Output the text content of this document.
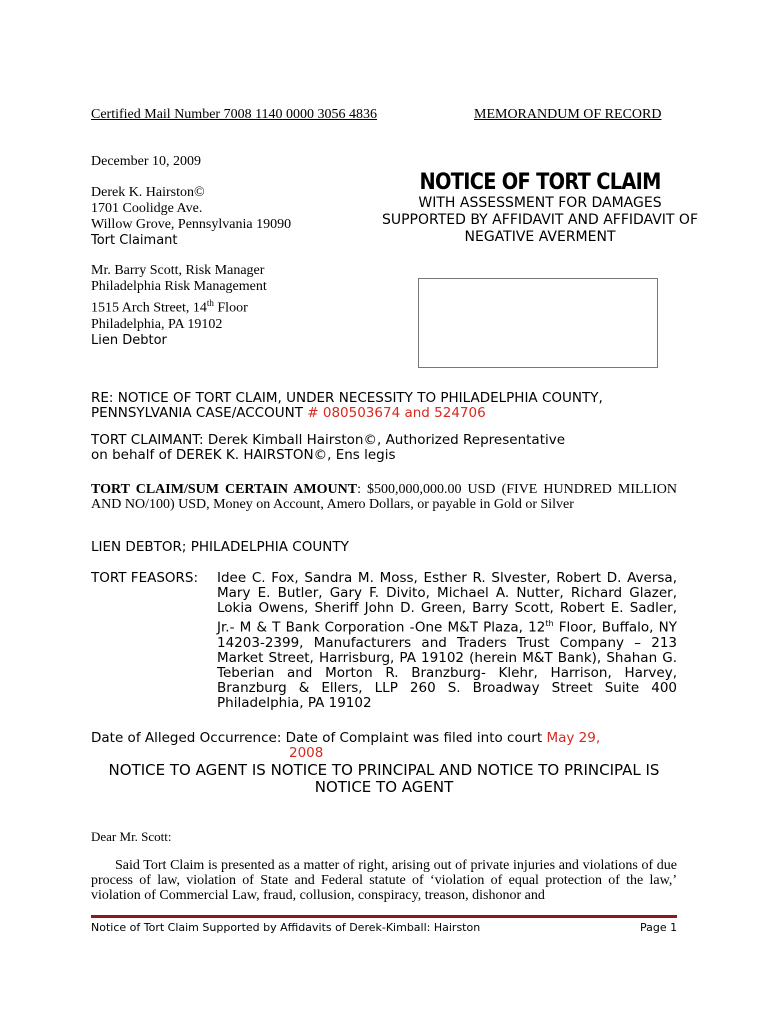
Certified Mail Number 7008 1140 0000 3056 4836	MEMORANDUM OF RECORD
December 10, 2009
Derek K. Hairston©
1701 Coolidge Ave.
Willow Grove, Pennsylvania 19090
Tort Claimant
Mr. Barry Scott, Risk Manager
Philadelphia Risk Management
1515 Arch Street, 14th Floor
Philadelphia, PA 19102
Lien Debtor
NOTICE OF TORT CLAIM
WITH ASSESSMENT FOR DAMAGES SUPPORTED BY AFFIDAVIT AND AFFIDAVIT OF NEGATIVE AVERMENT
RE: NOTICE OF TORT CLAIM, UNDER NECESSITY TO PHILADELPHIA COUNTY, PENNSYLVANIA CASE/ACCOUNT # 080503674 and 524706
TORT CLAIMANT: Derek Kimball Hairston©, Authorized Representative
on behalf of DEREK K. HAIRSTON©, Ens legis
TORT CLAIM/SUM CERTAIN AMOUNT: $500,000,000.00 USD (FIVE HUNDRED MILLION AND NO/100) USD, Money on Account, Amero Dollars, or payable in Gold or Silver
LIEN DEBTOR; PHILADELPHIA COUNTY
TORT FEASORS: Idee C. Fox, Sandra M. Moss, Esther R. Slvester, Robert D. Aversa, Mary E. Butler, Gary F. Divito, Michael A. Nutter, Richard Glazer, Lokia Owens, Sheriff John D. Green, Barry Scott, Robert E. Sadler, Jr.- M & T Bank Corporation -One M&T Plaza, 12th Floor, Buffalo, NY 14203-2399, Manufacturers and Traders Trust Company – 213 Market Street, Harrisburg, PA 19102 (herein M&T Bank), Shahan G. Teberian and Morton R. Branzburg- Klehr, Harrison, Harvey, Branzburg & Ellers, LLP 260 S. Broadway Street Suite 400 Philadelphia, PA 19102
Date of Alleged Occurrence: Date of Complaint was filed into court May 29,
2008
NOTICE TO AGENT IS NOTICE TO PRINCIPAL AND NOTICE TO PRINCIPAL IS NOTICE TO AGENT
Dear Mr. Scott:
Said Tort Claim is presented as a matter of right, arising out of private injuries and violations of due process of law, violation of State and Federal statute of ‘violation of equal protection of the law,’ violation of Commercial Law, fraud, collusion, conspiracy, treason, dishonor and
Notice of Tort Claim Supported by Affidavits of Derek-Kimball: Hairston	Page 1
